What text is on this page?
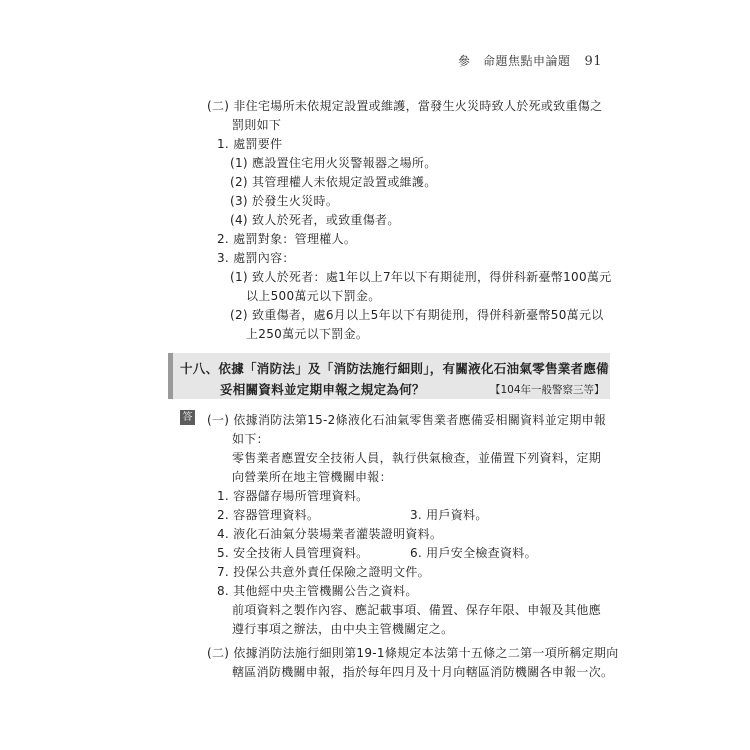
參　命題焦點申論題 91
(二) 非住宅場所未依規定設置或維護，當發生火災時致人於死或致重傷之
罰則如下
1. 處罰要件
(1) 應設置住宅用火災警報器之場所。
(2) 其管理權人未依規定設置或維護。
(3) 於發生火災時。
(4) 致人於死者，或致重傷者。
2. 處罰對象：管理權人。
3. 處罰內容：
(1) 致人於死者：處1年以上7年以下有期徒刑，得併科新臺幣100萬元
以上500萬元以下罰金。
(2) 致重傷者，處6月以上5年以下有期徒刑，得併科新臺幣50萬元以
上250萬元以下罰金。
十八、依據「消防法」及「消防法施行細則」，有關液化石油氣零售業者應備
妥相關資料並定期申報之規定為何？	【104年一般警察三等】
答 (一) 依據消防法第15-2條液化石油氣零售業者應備妥相關資料並定期申報
如下：
零售業者應置安全技術人員，執行供氣檢查，並備置下列資料，定期
向營業所在地主管機關申報：
1. 容器儲存場所管理資料。
2. 容器管理資料。	3. 用戶資料。
4. 液化石油氣分裝場業者灌裝證明資料。
5. 安全技術人員管理資料。	6. 用戶安全檢查資料。
7. 投保公共意外責任保險之證明文件。
8. 其他經中央主管機關公告之資料。
前項資料之製作內容、應記載事項、備置、保存年限、申報及其他應
遵行事項之辦法，由中央主管機關定之。
(二) 依據消防法施行細則第19-1條規定本法第十五條之二第一項所稱定期向
轄區消防機關申報，指於每年四月及十月向轄區消防機關各申報一次。
